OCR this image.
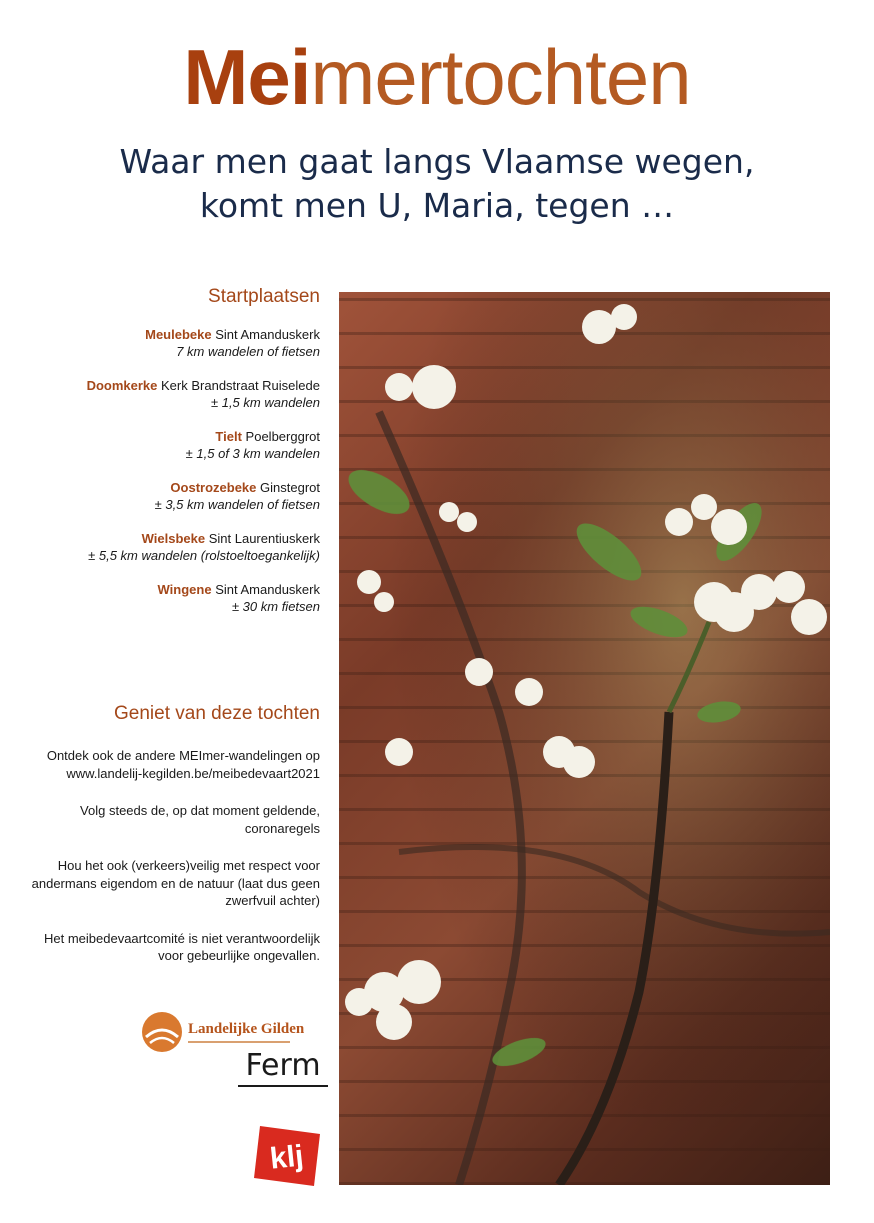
Meimertochten
Waar men gaat langs Vlaamse wegen,
komt men U, Maria, tegen …
Startplaatsen
Meulebeke Sint Amanduskerk
7 km wandelen of fietsen
Doomkerke Kerk Brandstraat Ruiselede
± 1,5 km wandelen
Tielt Poelberggrot
± 1,5 of 3 km wandelen
Oostrozebeke Ginstegrot
± 3,5 km wandelen of fietsen
Wielsbeke Sint Laurentiuskerk
± 5,5 km wandelen (rolstoeltoegankelijk)
Wingene Sint Amanduskerk
± 30 km fietsen
Geniet van deze tochten

Ontdek ook de andere MEImer-wandelingen op www.landelij-kegilden.be/meibedevaart2021

Volg steeds de, op dat moment geldende, coronaregels

Hou het ook (verkeers)veilig met respect voor andermans eigendom en de natuur (laat dus geen zwerfvuil achter)

Het meibedevaartcomité is niet verantwoordelijk voor gebeurlijke ongevallen.

Landelijke Gilden
Ferm
klj
